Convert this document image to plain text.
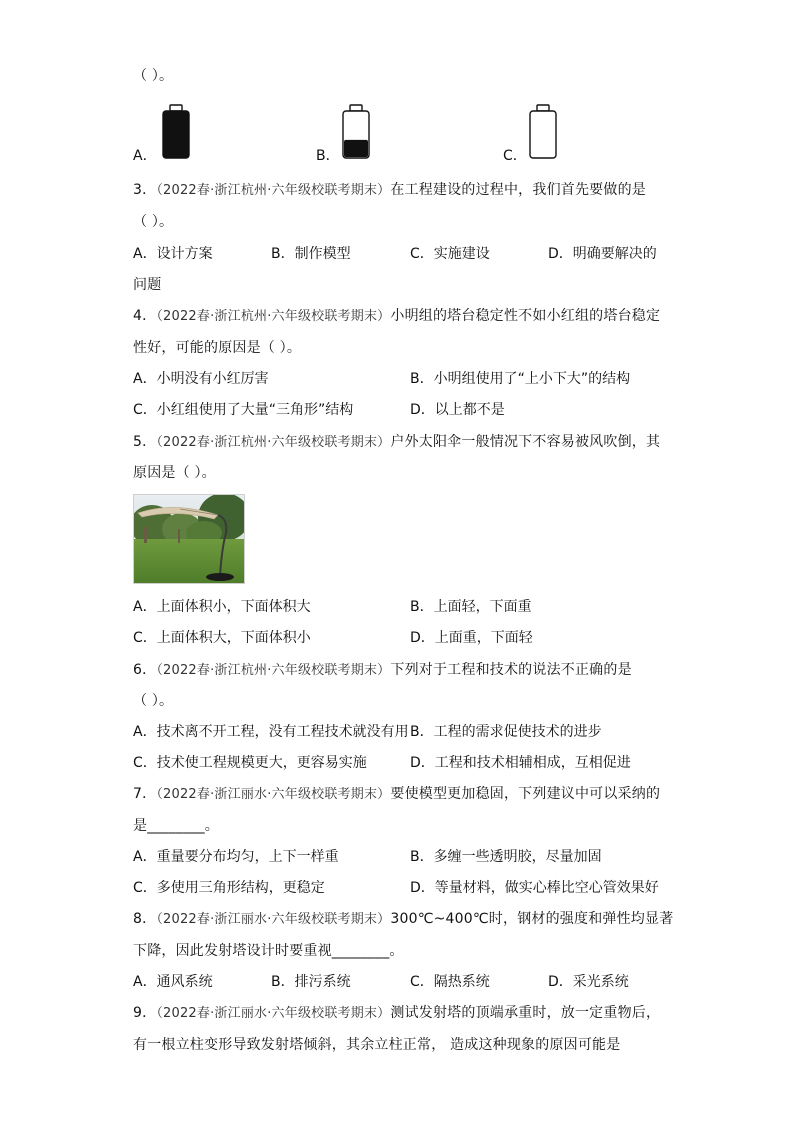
（ ）。
A．	B．	C．
3．（2022春·浙江杭州·六年级校联考期末）在工程建设的过程中，我们首先要做的是
（ ）。
A．设计方案	B．制作模型	C．实施建设	D．明确要解决的
问题
4．（2022春·浙江杭州·六年级校联考期末）小明组的塔台稳定性不如小红组的塔台稳定
性好，可能的原因是（ ）。
A．小明没有小红厉害	B．小明组使用了“上小下大”的结构
C．小红组使用了大量“三角形”结构	D．以上都不是
5．（2022春·浙江杭州·六年级校联考期末）户外太阳伞一般情况下不容易被风吹倒，其
原因是（ ）。
A．上面体积小，下面体积大	B．上面轻，下面重
C．上面体积大，下面体积小	D．上面重，下面轻
6．（2022春·浙江杭州·六年级校联考期末）下列对于工程和技术的说法不正确的是
（ ）。
A．技术离不开工程，没有工程技术就没有用 B．工程的需求促使技术的进步
C．技术使工程规模更大，更容易实施	D．工程和技术相辅相成，互相促进
7．（2022春·浙江丽水·六年级校联考期末）要使模型更加稳固，下列建议中可以采纳的
是________。
A．重量要分布均匀，上下一样重	B．多缠一些透明胶，尽量加固
C．多使用三角形结构，更稳定	D．等量材料，做实心棒比空心管效果好
8．（2022春·浙江丽水·六年级校联考期末）300℃~400℃时，钢材的强度和弹性均显著
下降，因此发射塔设计时要重视________。
A．通风系统	B．排污系统	C．隔热系统	D．采光系统
9．（2022春·浙江丽水·六年级校联考期末）测试发射塔的顶端承重时，放一定重物后，
有一根立柱变形导致发射塔倾斜，其余立柱正常， 造成这种现象的原因可能是
